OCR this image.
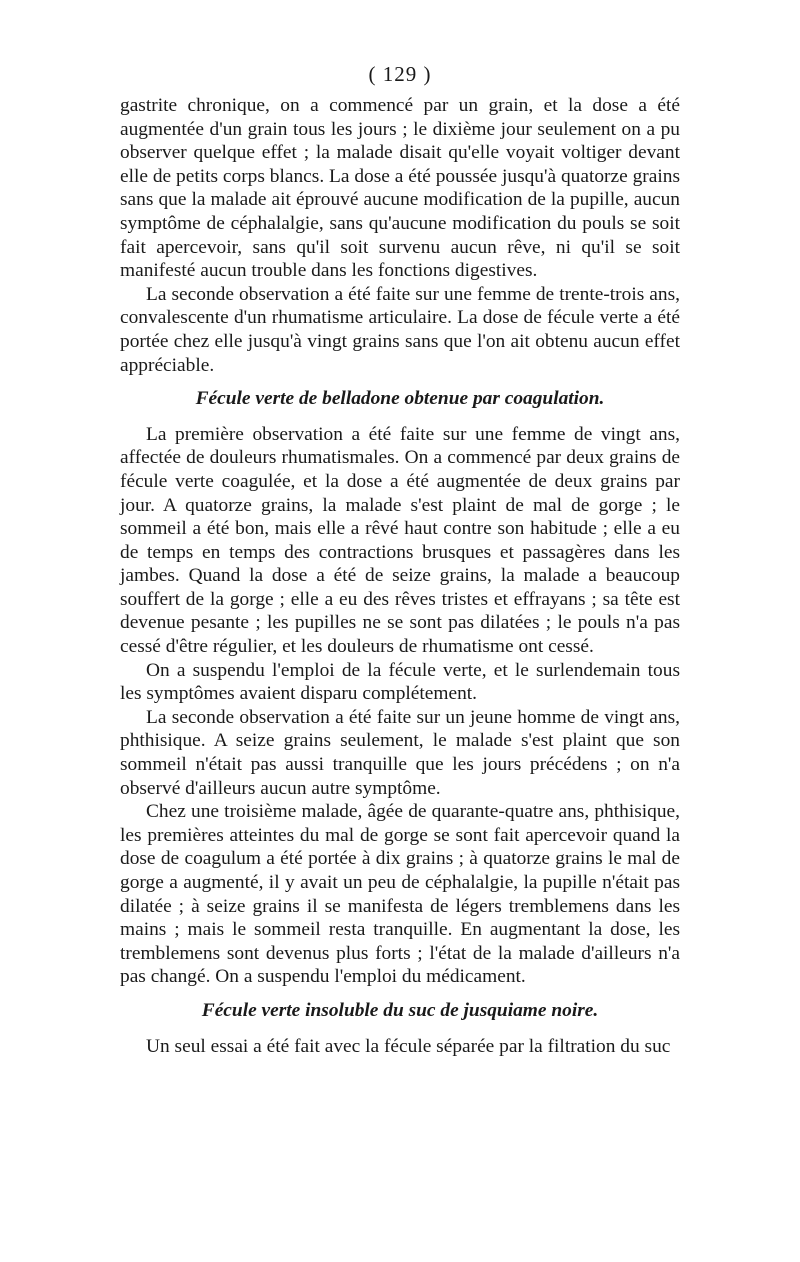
( 129 )

gastrite chronique, on a commencé par un grain, et la dose a été augmentée d'un grain tous les jours ; le dixième jour seulement on a pu observer quelque effet ; la malade disait qu'elle voyait voltiger devant elle de petits corps blancs. La dose a été poussée jusqu'à quatorze grains sans que la malade ait éprouvé aucune modification de la pupille, aucun symptôme de céphalalgie, sans qu'aucune modification du pouls se soit fait apercevoir, sans qu'il soit survenu aucun rêve, ni qu'il se soit manifesté aucun trouble dans les fonctions digestives.

La seconde observation a été faite sur une femme de trente-trois ans, convalescente d'un rhumatisme articulaire. La dose de fécule verte a été portée chez elle jusqu'à vingt grains sans que l'on ait obtenu aucun effet appréciable.

Fécule verte de belladone obtenue par coagulation.

La première observation a été faite sur une femme de vingt ans, affectée de douleurs rhumatismales. On a commencé par deux grains de fécule verte coagulée, et la dose a été augmentée de deux grains par jour. A quatorze grains, la malade s'est plaint de mal de gorge ; le sommeil a été bon, mais elle a rêvé haut contre son habitude ; elle a eu de temps en temps des contractions brusques et passagères dans les jambes. Quand la dose a été de seize grains, la malade a beaucoup souffert de la gorge ; elle a eu des rêves tristes et effrayans ; sa tête est devenue pesante ; les pupilles ne se sont pas dilatées ; le pouls n'a pas cessé d'être régulier, et les douleurs de rhumatisme ont cessé.

On a suspendu l'emploi de la fécule verte, et le surlendemain tous les symptômes avaient disparu complétement.

La seconde observation a été faite sur un jeune homme de vingt ans, phthisique. A seize grains seulement, le malade s'est plaint que son sommeil n'était pas aussi tranquille que les jours précédens ; on n'a observé d'ailleurs aucun autre symptôme.

Chez une troisième malade, âgée de quarante-quatre ans, phthisique, les premières atteintes du mal de gorge se sont fait apercevoir quand la dose de coagulum a été portée à dix grains ; à quatorze grains le mal de gorge a augmenté, il y avait un peu de céphalalgie, la pupille n'était pas dilatée ; à seize grains il se manifesta de légers tremblemens dans les mains ; mais le sommeil resta tranquille. En augmentant la dose, les tremblemens sont devenus plus forts ; l'état de la malade d'ailleurs n'a pas changé. On a suspendu l'emploi du médicament.

Fécule verte insoluble du suc de jusquiame noire.

Un seul essai a été fait avec la fécule séparée par la filtration du suc
